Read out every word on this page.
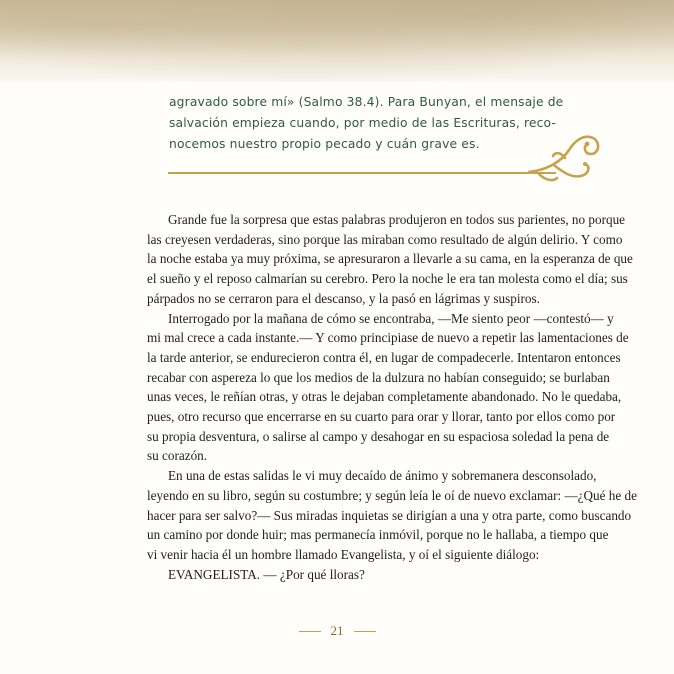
agravado sobre mí» (Salmo 38.4). Para Bunyan, el mensaje de
salvación empieza cuando, por medio de las Escrituras, reco-
nocemos nuestro propio pecado y cuán grave es.
Grande fue la sorpresa que estas palabras produjeron en todos sus parientes, no porque
las creyesen verdaderas, sino porque las miraban como resultado de algún delirio. Y como
la noche estaba ya muy próxima, se apresuraron a llevarle a su cama, en la esperanza de que
el sueño y el reposo calmarían su cerebro. Pero la noche le era tan molesta como el día; sus
párpados no se cerraron para el descanso, y la pasó en lágrimas y suspiros.
Interrogado por la mañana de cómo se encontraba, —Me siento peor —contestó— y
mi mal crece a cada instante.— Y como principiase de nuevo a repetir las lamentaciones de
la tarde anterior, se endurecieron contra él, en lugar de compadecerle. Intentaron entonces
recabar con aspereza lo que los medios de la dulzura no habían conseguido; se burlaban
unas veces, le reñían otras, y otras le dejaban completamente abandonado. No le quedaba,
pues, otro recurso que encerrarse en su cuarto para orar y llorar, tanto por ellos como por
su propia desventura, o salirse al campo y desahogar en su espaciosa soledad la pena de
su corazón.
En una de estas salidas le vi muy decaído de ánimo y sobremanera desconsolado,
leyendo en su libro, según su costumbre; y según leía le oí de nuevo exclamar: —¿Qué he de
hacer para ser salvo?— Sus miradas inquietas se dirigían a una y otra parte, como buscando
un camino por donde huir; mas permanecía inmóvil, porque no le hallaba, a tiempo que
vi venir hacia él un hombre llamado Evangelista, y oí el siguiente diálogo:
EVANGELISTA. — ¿Por qué lloras?
21
